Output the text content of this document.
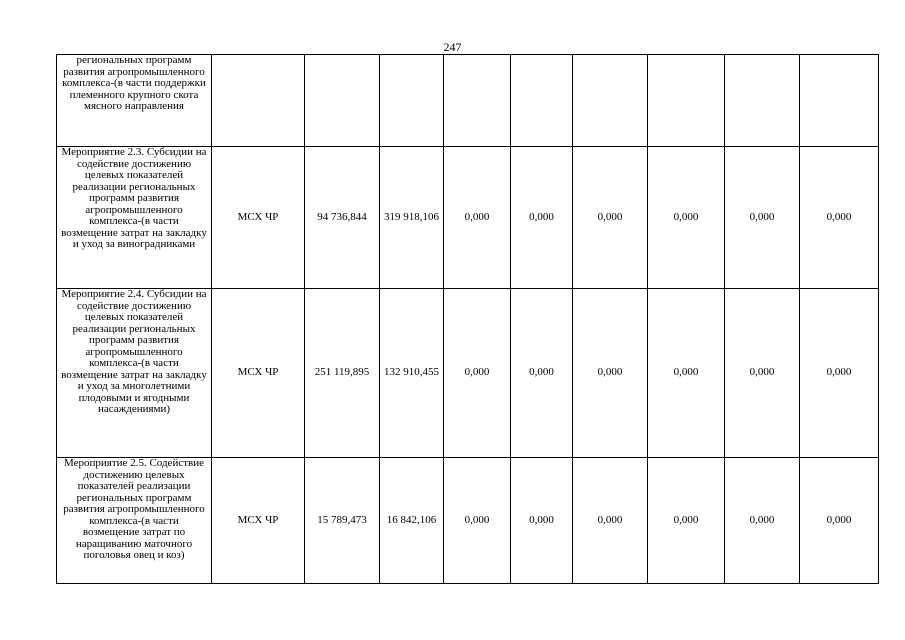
247
региональных программ развития агропромышленного комплекса-(в части поддержки племенного крупного скота мясного направления									
Мероприятие 2.3. Субсидии на содействие достижению целевых показателей реализации региональных программ развития агропромышленного комплекса-(в части возмещение затрат на закладку и уход за виноградниками	МСХ ЧР	94 736,844	319 918,106	0,000	0,000	0,000	0,000	0,000	0,000
Мероприятие 2.4. Субсидии на содействие достижению целевых показателей реализации региональных программ развития агропромышленного комплекса-(в части возмещение затрат на закладку и уход за многолетними плодовыми и ягодными насаждениями)	МСХ ЧР	251 119,895	132 910,455	0,000	0,000	0,000	0,000	0,000	0,000
Мероприятие 2.5. Содействие достижению целевых показателей реализации региональных программ развития агропромышленного комплекса-(в части возмещение затрат по наращиванию маточного поголовья овец и коз)	МСХ ЧР	15 789,473	16 842,106	0,000	0,000	0,000	0,000	0,000	0,000
